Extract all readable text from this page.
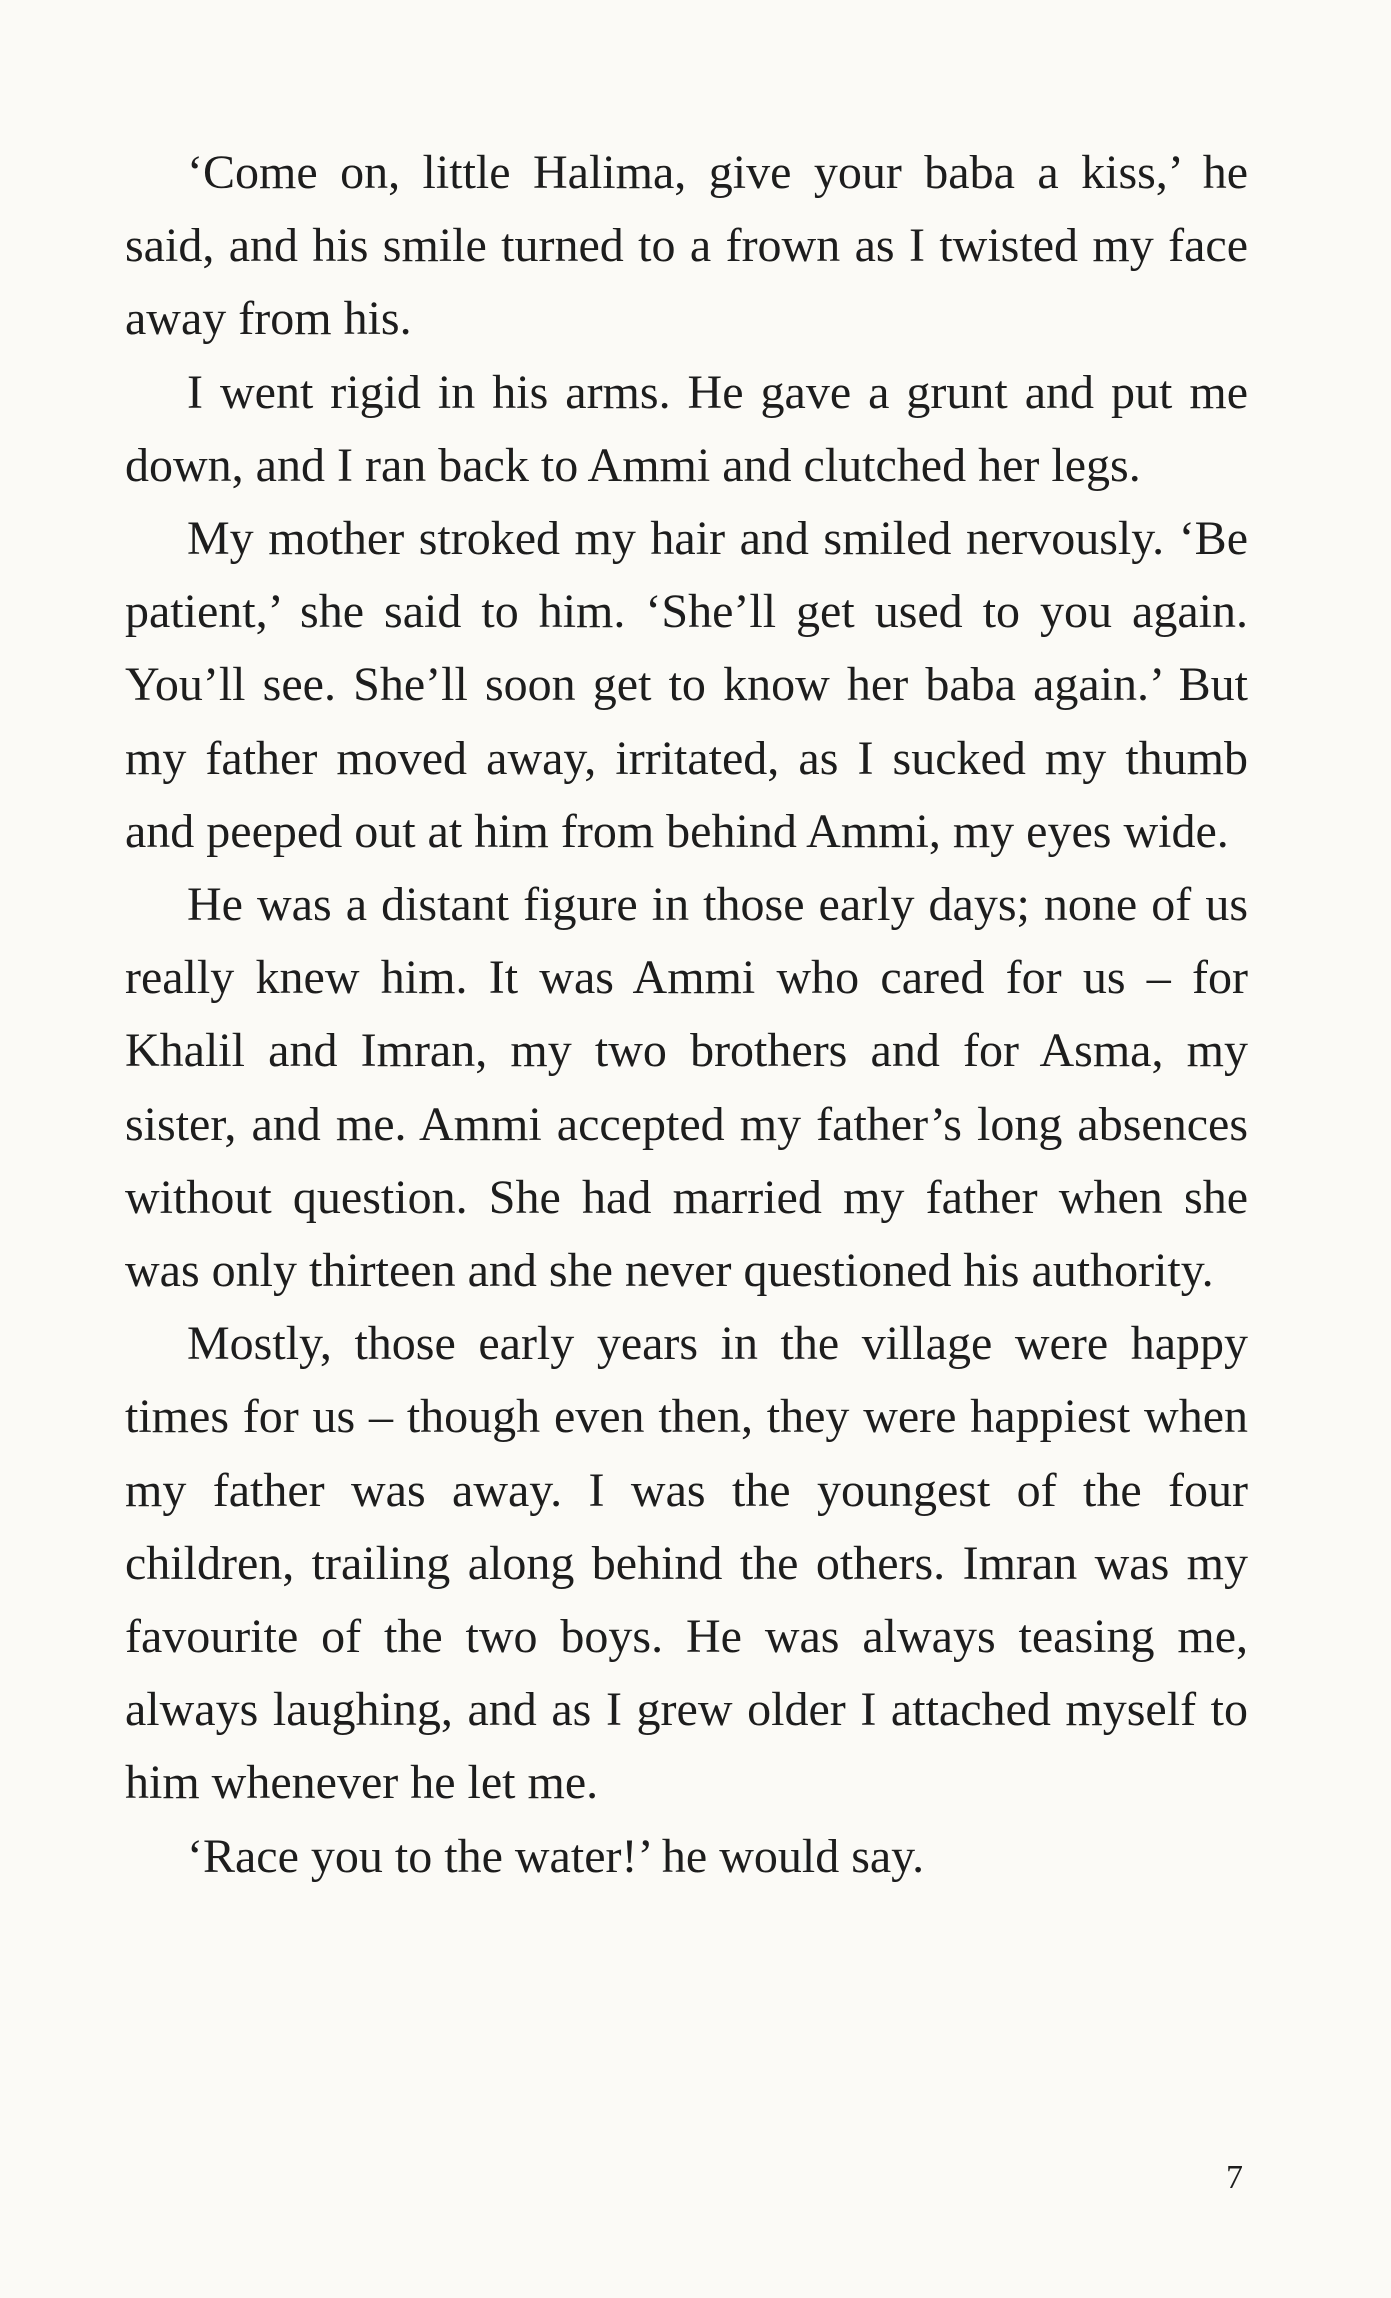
‘Come on, little Halima, give your baba a kiss,’ he said, and his smile turned to a frown as I twisted my face away from his.

I went rigid in his arms. He gave a grunt and put me down, and I ran back to Ammi and clutched her legs.

My mother stroked my hair and smiled nervously. ‘Be patient,’ she said to him. ‘She’ll get used to you again. You’ll see. She’ll soon get to know her baba again.’ But my father moved away, irritated, as I sucked my thumb and peeped out at him from behind Ammi, my eyes wide.

He was a distant figure in those early days; none of us really knew him. It was Ammi who cared for us – for Khalil and Imran, my two brothers and for Asma, my sister, and me. Ammi accepted my father’s long absences without question. She had married my father when she was only thirteen and she never questioned his authority.

Mostly, those early years in the village were happy times for us – though even then, they were happiest when my father was away. I was the youngest of the four children, trailing along behind the others. Imran was my favourite of the two boys. He was always teasing me, always laughing, and as I grew older I attached myself to him whenever he let me.

‘Race you to the water!’ he would say.

7
